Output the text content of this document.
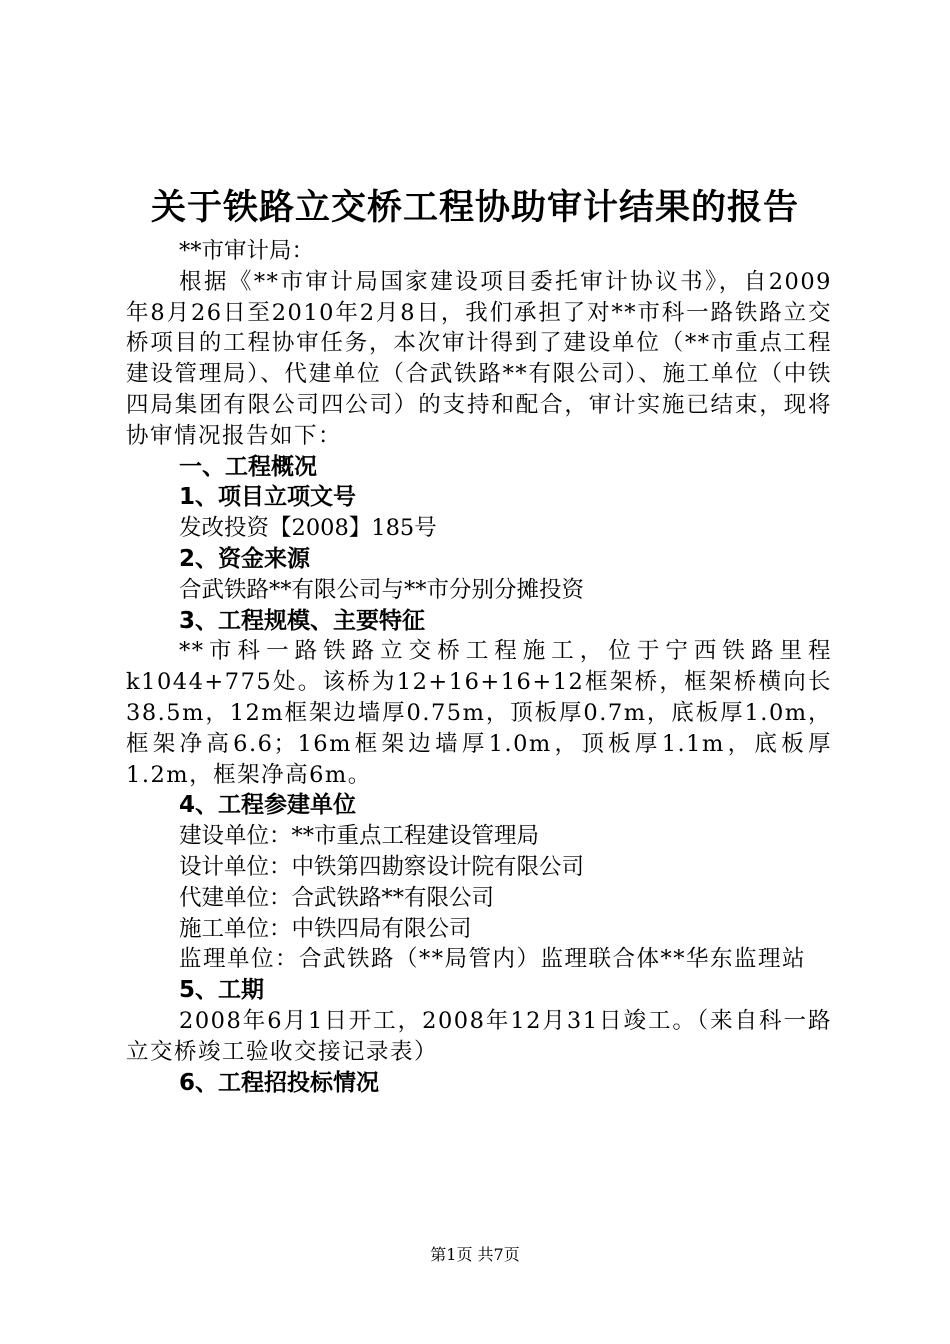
关于铁路立交桥工程协助审计结果的报告

**市审计局：

根据《**市审计局国家建设项目委托审计协议书》，自2009年8月26日至2010年2月8日，我们承担了对**市科一路铁路立交桥项目的工程协审任务，本次审计得到了建设单位（**市重点工程建设管理局）、代建单位（合武铁路**有限公司）、施工单位（中铁四局集团有限公司四公司）的支持和配合，审计实施已结束，现将协审情况报告如下：

一、工程概况

1、项目立项文号

发改投资【2008】185号

2、资金来源

合武铁路**有限公司与**市分别分摊投资

3、工程规模、主要特征

**市科一路铁路立交桥工程施工，位于宁西铁路里程k1044+775处。该桥为12+16+16+12框架桥，框架桥横向长38.5m，12m框架边墙厚0.75m，顶板厚0.7m，底板厚1.0m，框架净高6.6；16m框架边墙厚1.0m，顶板厚1.1m，底板厚1.2m，框架净高6m。

4、工程参建单位

建设单位：**市重点工程建设管理局

设计单位：中铁第四勘察设计院有限公司

代建单位：合武铁路**有限公司

施工单位：中铁四局有限公司

监理单位：合武铁路（**局管内）监理联合体**华东监理站

5、工期

2008年6月1日开工，2008年12月31日竣工。（来自科一路立交桥竣工验收交接记录表）

6、工程招投标情况

第1页 共7页
